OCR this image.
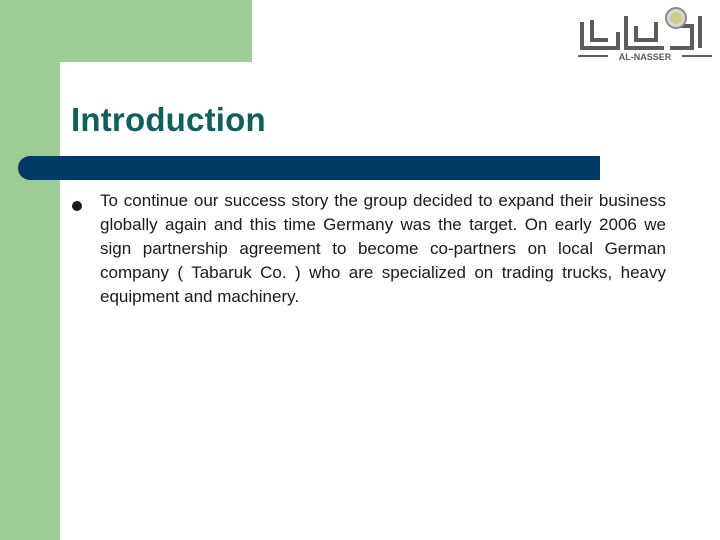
AL-NASSER
Introduction

To continue our success story the group decided to expand their business globally again and this time Germany was the target. On early 2006 we sign partnership agreement to become co-partners on local German company ( Tabaruk Co. ) who are specialized on trading trucks, heavy equipment and machinery.
